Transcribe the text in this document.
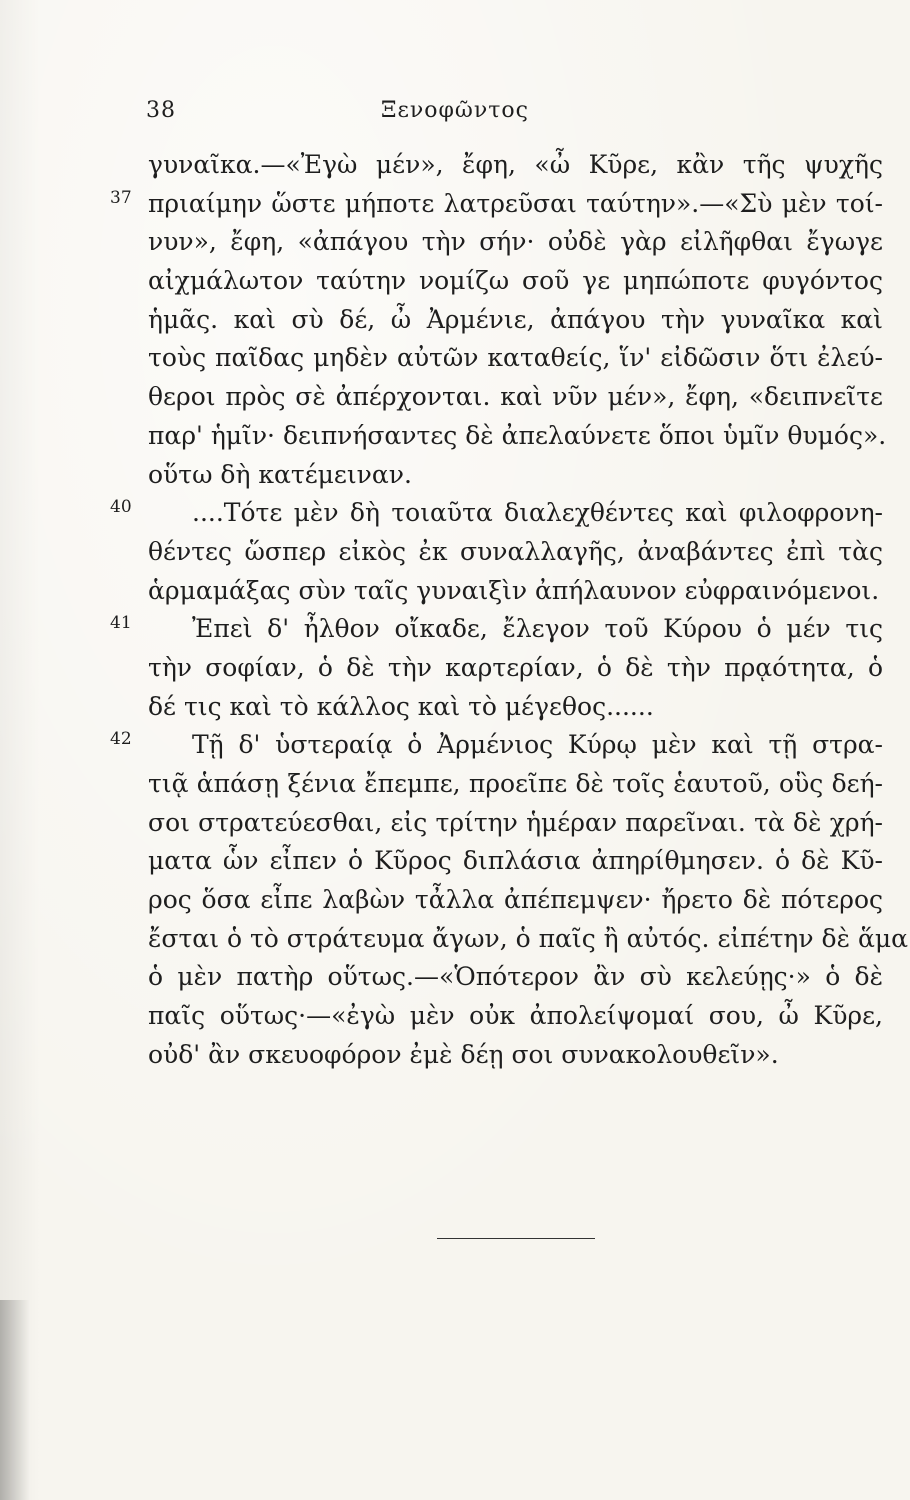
38	Ξενοφῶντος
γυναῖκα.—«Ἐγὼ μέν», ἔφη, «ὦ Κῦρε, κἂν τῆς ψυχῆς
37 πριαίμην ὥστε μήποτε λατρεῦσαι ταύτην».—«Σὺ μὲν τοί-
νυν», ἔφη, «ἀπάγου τὴν σήν· οὐδὲ γὰρ εἰλῆφθαι ἔγωγε
αἰχμάλωτον ταύτην νομίζω σοῦ γε μηπώποτε φυγόντος
ἡμᾶς. καὶ σὺ δέ, ὦ Ἀρμένιε, ἀπάγου τὴν γυναῖκα καὶ
τοὺς παῖδας μηδὲν αὐτῶν καταθείς, ἵν' εἰδῶσιν ὅτι ἐλεύ-
θεροι πρὸς σὲ ἀπέρχονται. καὶ νῦν μέν», ἔφη, «δειπνεῖτε
παρ' ἡμῖν· δειπνήσαντες δὲ ἀπελαύνετε ὅποι ὑμῖν θυμός».
οὕτω δὴ κατέμειναν.
40 ....Τότε μὲν δὴ τοιαῦτα διαλεχθέντες καὶ φιλοφρονη-
θέντες ὥσπερ εἰκὸς ἐκ συναλλαγῆς, ἀναβάντες ἐπὶ τὰς
ἁρμαμάξας σὺν ταῖς γυναιξὶν ἀπήλαυνον εὐφραινόμενοι.
41 Ἐπεὶ δ' ἦλθον οἴκαδε, ἔλεγον τοῦ Κύρου ὁ μέν τις
τὴν σοφίαν, ὁ δὲ τὴν καρτερίαν, ὁ δὲ τὴν πρᾳότητα, ὁ
δέ τις καὶ τὸ κάλλος καὶ τὸ μέγεθος......
42 Τῇ δ' ὑστεραίᾳ ὁ Ἀρμένιος Κύρῳ μὲν καὶ τῇ στρα-
τιᾷ ἁπάσῃ ξένια ἔπεμπε, προεῖπε δὲ τοῖς ἑαυτοῦ, οὓς δεή-
σοι στρατεύεσθαι, εἰς τρίτην ἡμέραν παρεῖναι. τὰ δὲ χρή-
ματα ὧν εἶπεν ὁ Κῦρος διπλάσια ἀπηρίθμησεν. ὁ δὲ Κῦ-
ρος ὅσα εἶπε λαβὼν τἆλλα ἀπέπεμψεν· ἤρετο δὲ πότερος
ἔσται ὁ τὸ στράτευμα ἄγων, ὁ παῖς ἢ αὐτός. εἰπέτην δὲ ἅμα
ὁ μὲν πατὴρ οὕτως.—«Ὁπότερον ἂν σὺ κελεύῃς·» ὁ δὲ
παῖς οὕτως·—«ἐγὼ μὲν οὐκ ἀπολείψομαί σου, ὦ Κῦρε,
οὐδ' ἂν σκευοφόρον ἐμὲ δέῃ σοι συνακολουθεῖν».
